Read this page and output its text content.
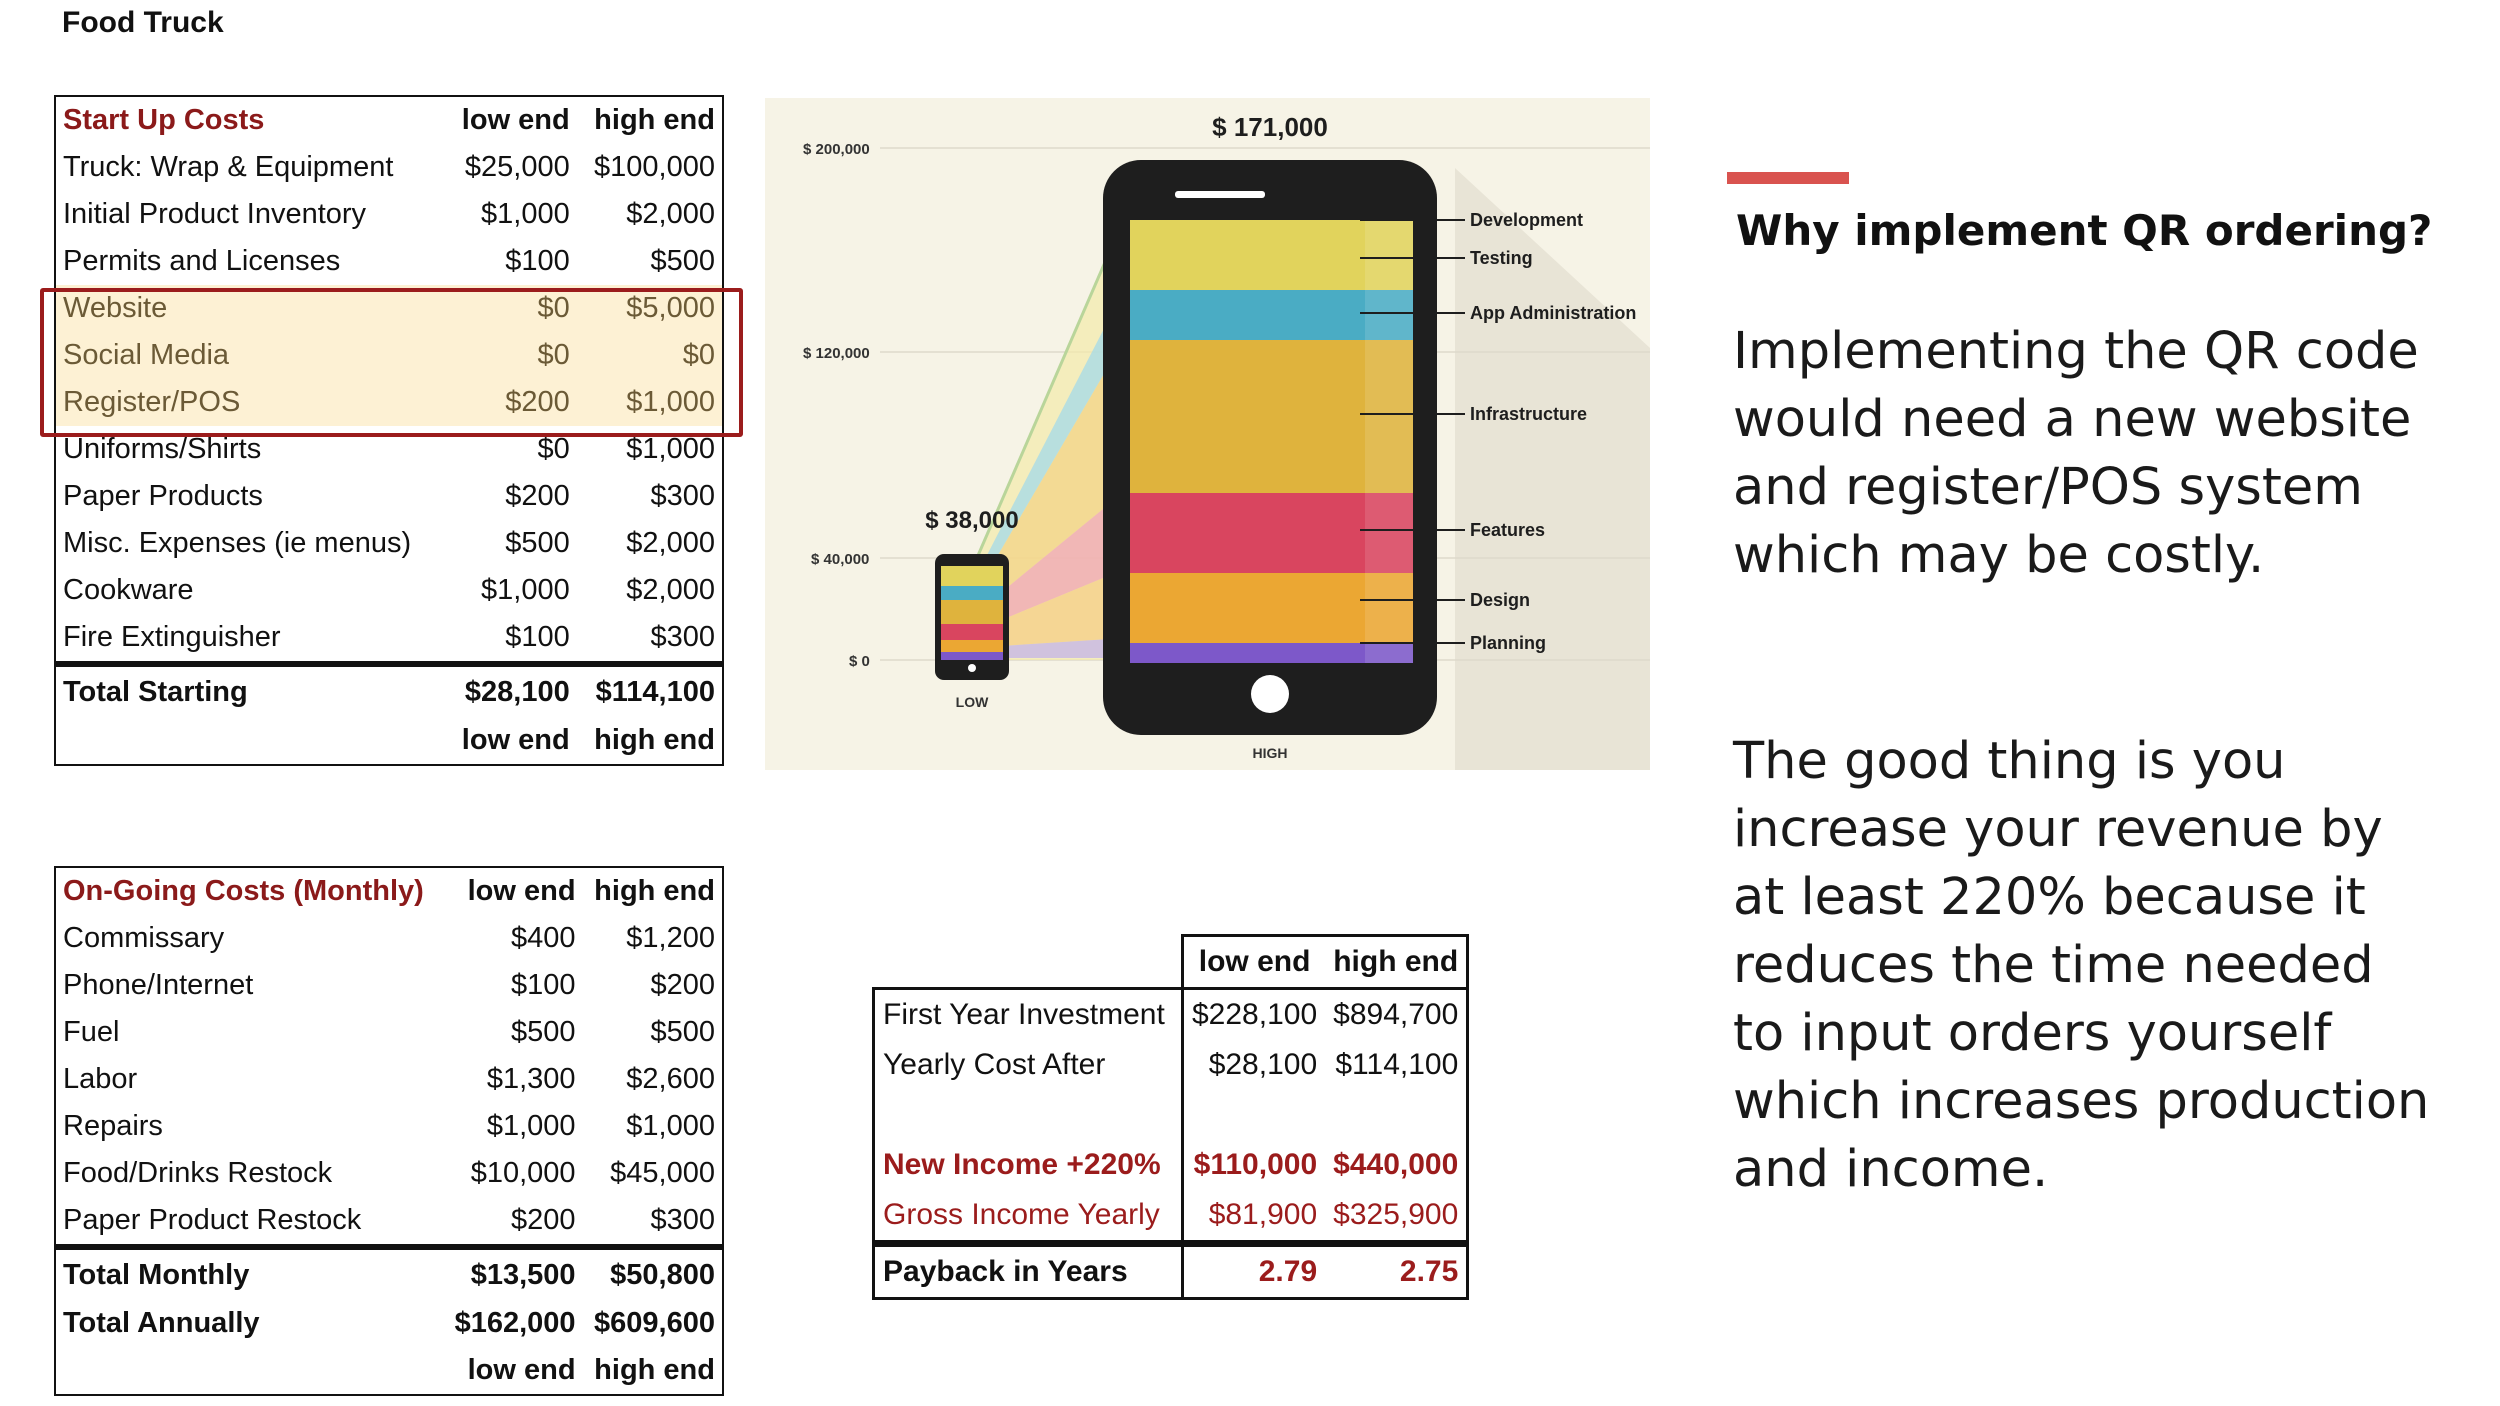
Food Truck
Start Up Costs	low end	high end
Truck: Wrap & Equipment	$25,000	$100,000
Initial Product Inventory	$1,000	$2,000
Permits and Licenses	$100	$500
Website	$0	$5,000
Social Media	$0	$0
Register/POS	$200	$1,000
Uniforms/Shirts	$0	$1,000
Paper Products	$200	$300
Misc. Expenses (ie menus)	$500	$2,000
Cookware	$1,000	$2,000
Fire Extinguisher	$100	$300
Total Starting	$28,100	$114,100
	low end	high end
On-Going Costs (Monthly)	low end	high end
Commissary	$400	$1,200
Phone/Internet	$100	$200
Fuel	$500	$500
Labor	$1,300	$2,600
Repairs	$1,000	$1,000
Food/Drinks Restock	$10,000	$45,000
Paper Product Restock	$200	$300
Total Monthly	$13,500	$50,800
Total Annually	$162,000	$609,600
	low end	high end
$ 200,000
$ 120,000
$ 40,000
$ 0
$ 171,000
HIGH
$ 38,000
LOW
Development
Testing
App Administration
Infrastructure
Features
Design
Planning
	low end	high end
First Year Investment	$228,100	$894,700
Yearly Cost After	$28,100	$114,100

New Income +220%	$110,000	$440,000
Gross Income Yearly	$81,900	$325,900
Payback in Years	2.79	2.75
Why implement QR ordering?

Implementing the QR code would need a new website and register/POS system which may be costly.

The good thing is you increase your revenue by at least 220% because it reduces the time needed to input orders yourself which increases production and income.
